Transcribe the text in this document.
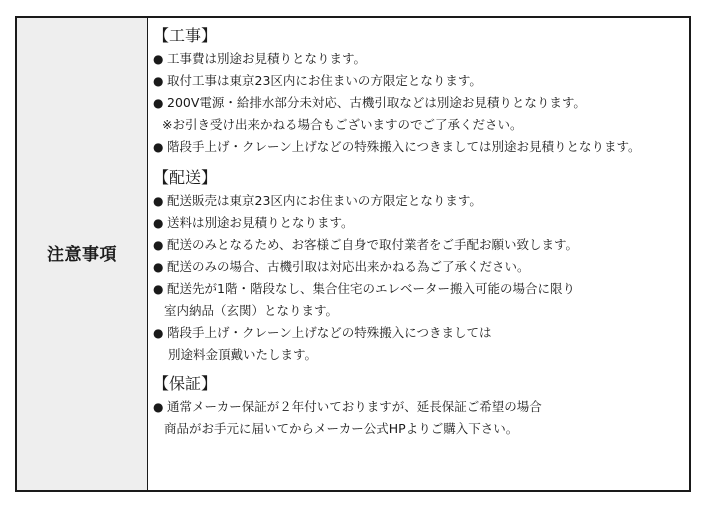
注意事項
【工事】
● 工事費は別途お見積りとなります。
● 取付工事は東京23区内にお住まいの方限定となります。
● 200V電源・給排水部分未対応、古機引取などは別途お見積りとなります。
※お引き受け出来かねる場合もございますのでご了承ください。
● 階段手上げ・クレーン上げなどの特殊搬入につきましては別途お見積りとなります。
【配送】
● 配送販売は東京23区内にお住まいの方限定となります。
● 送料は別途お見積りとなります。
● 配送のみとなるため、お客様ご自身で取付業者をご手配お願い致します。
● 配送のみの場合、古機引取は対応出来かねる為ご了承ください。
● 配送先が1階・階段なし、集合住宅のエレベーター搬入可能の場合に限り
室内納品（玄関）となります。
● 階段手上げ・クレーン上げなどの特殊搬入につきましては
別途料金頂戴いたします。
【保証】
● 通常メーカー保証が２年付いておりますが、延長保証ご希望の場合
商品がお手元に届いてからメーカー公式HPよりご購入下さい。
